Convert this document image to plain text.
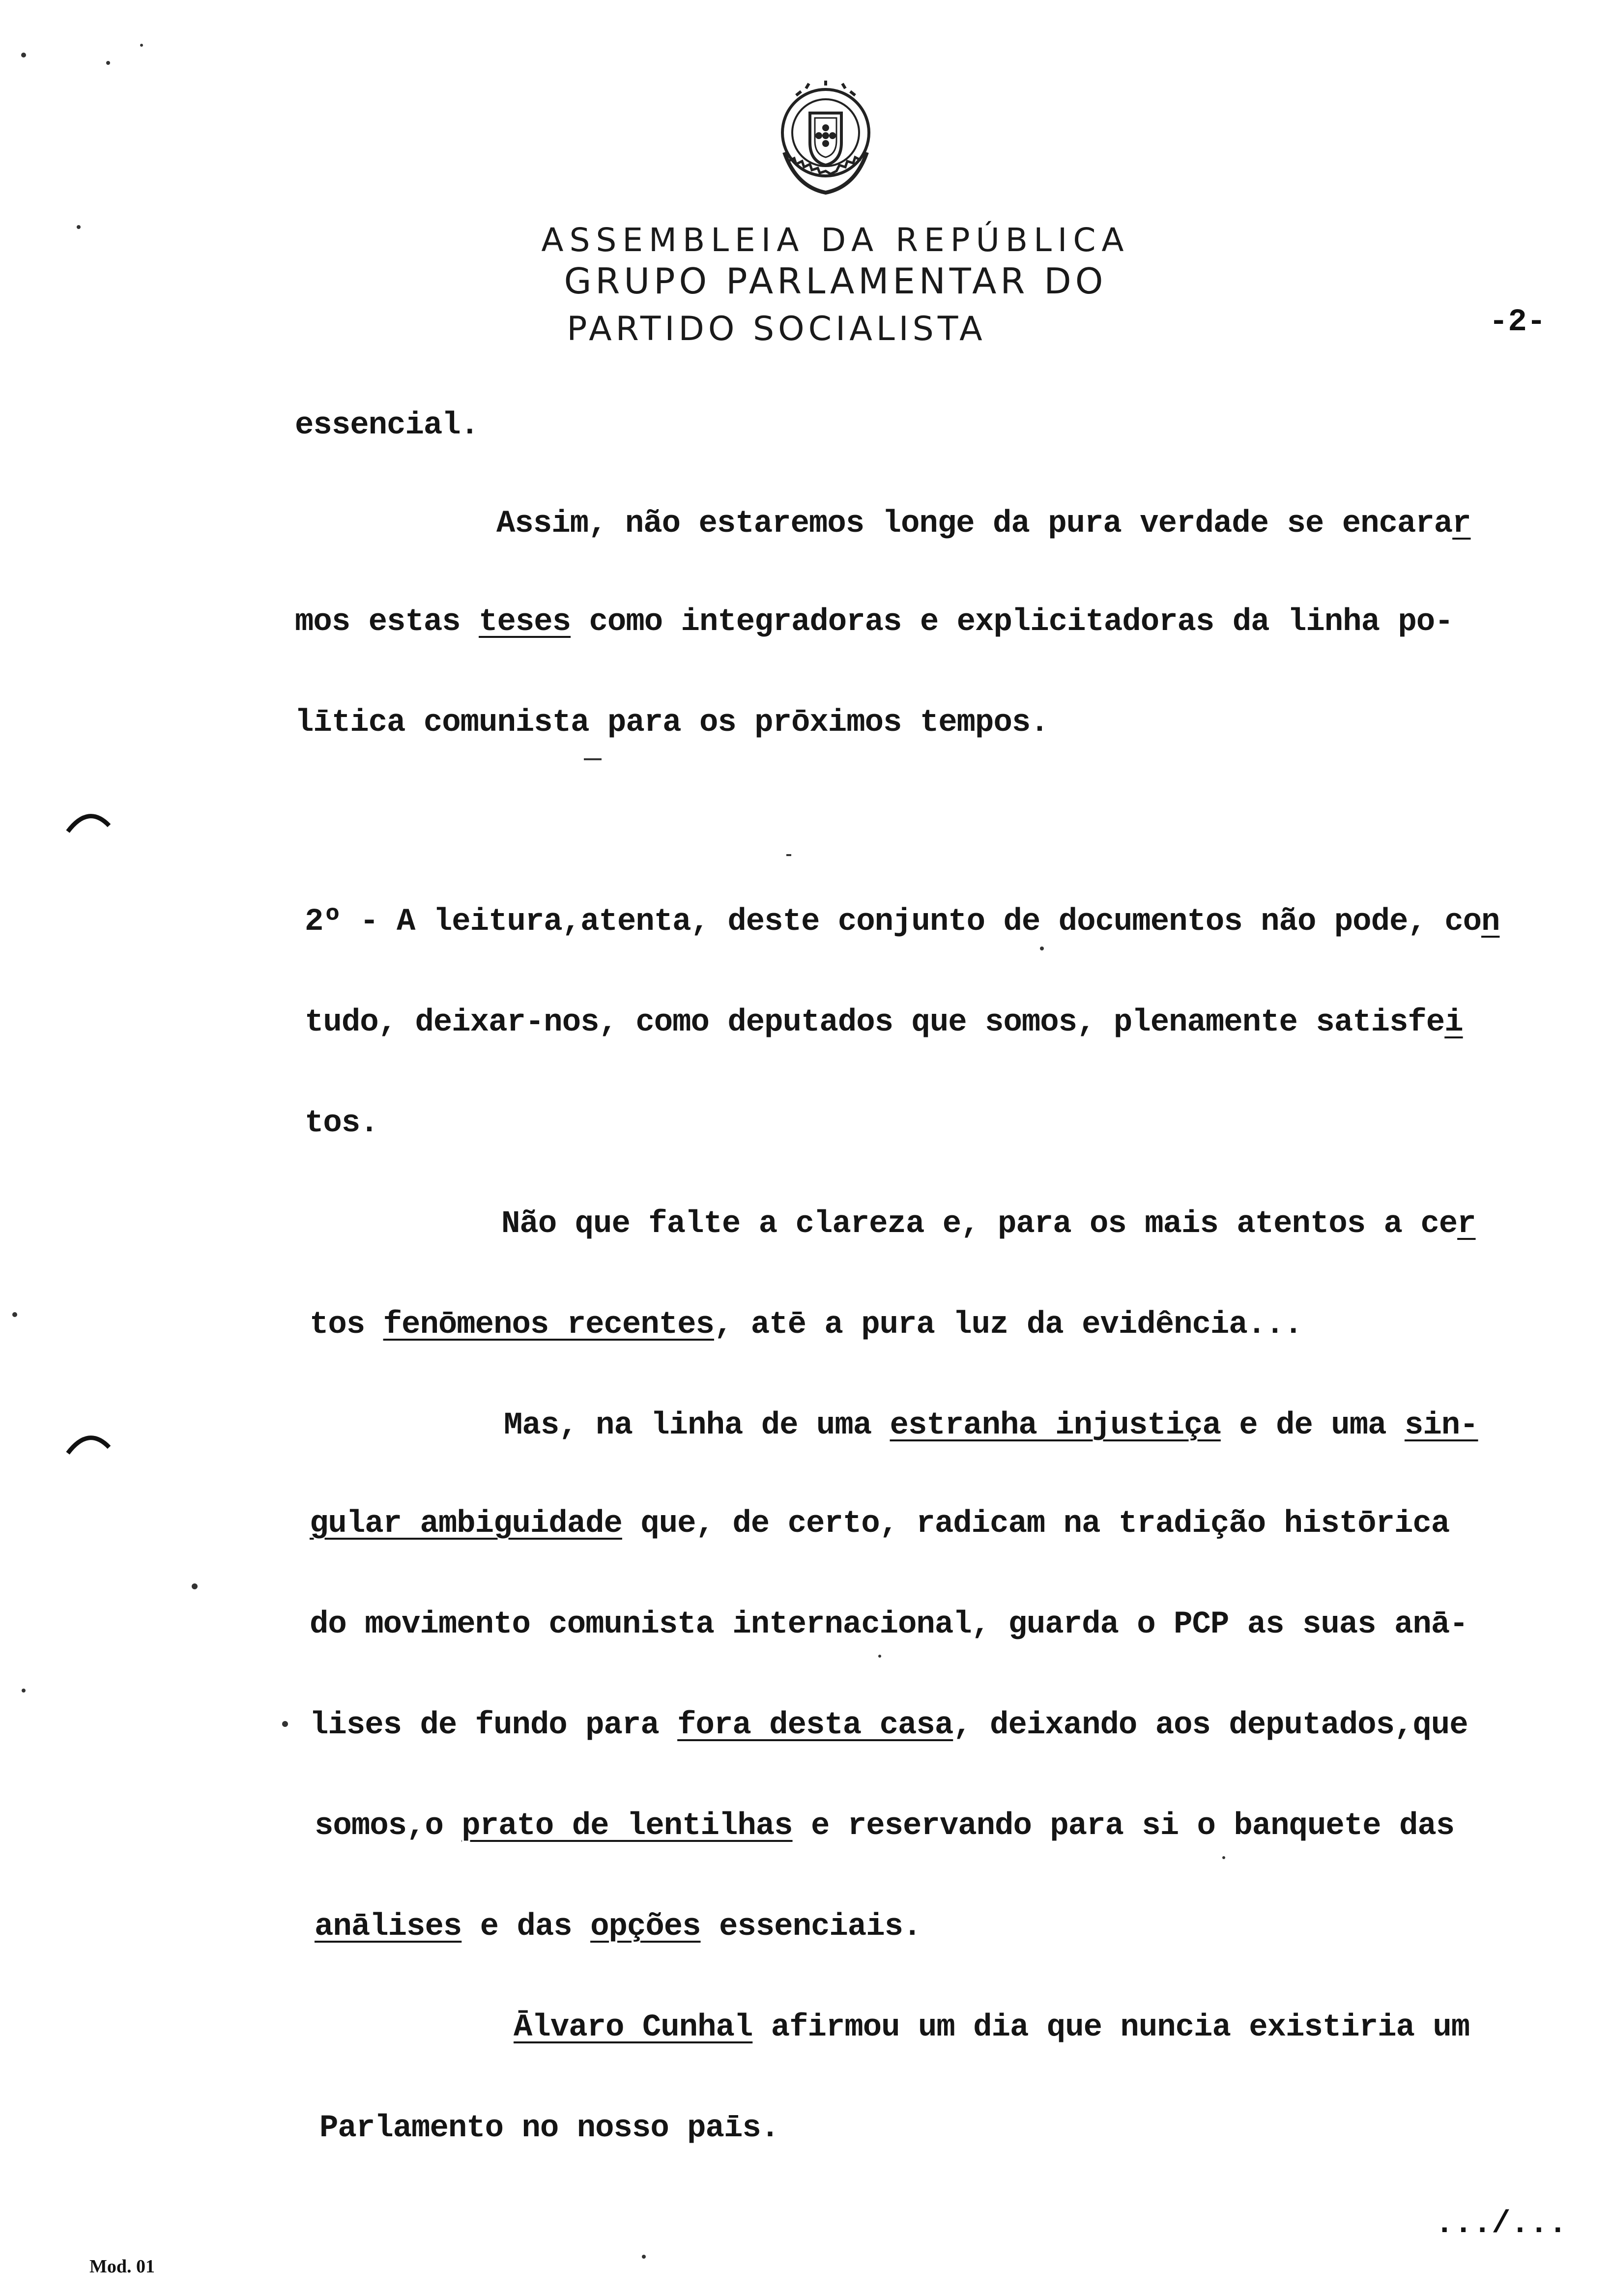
ASSEMBLEIA DA REPÚBLICA
GRUPO PARLAMENTAR DO
PARTIDO SOCIALISTA	-2-
essencial.
Assim, não estaremos longe da pura verdade se encarar
mos estas teses como integradoras e explicitadoras da linha po-
lītica comunista para os prōximos tempos.
2º - A leitura,atenta, deste conjunto de documentos não pode, con
tudo, deixar-nos, como deputados que somos, plenamente satisfei
tos.
Não que falte a clareza e, para os mais atentos a cer
tos fenōmenos recentes, atē a pura luz da evidência...
Mas, na linha de uma estranha injustiça e de uma sin-
gular ambiguidade que, de certo, radicam na tradição histōrica
do movimento comunista internacional, guarda o PCP as suas anā-
lises de fundo para fora desta casa, deixando aos deputados,que
somos,o prato de lentilhas e reservando para si o banquete das
anālises e das opções essenciais.
Ālvaro Cunhal afirmou um dia que nuncia existiria um
Parlamento no nosso paīs.
.../...
Mod. 01
